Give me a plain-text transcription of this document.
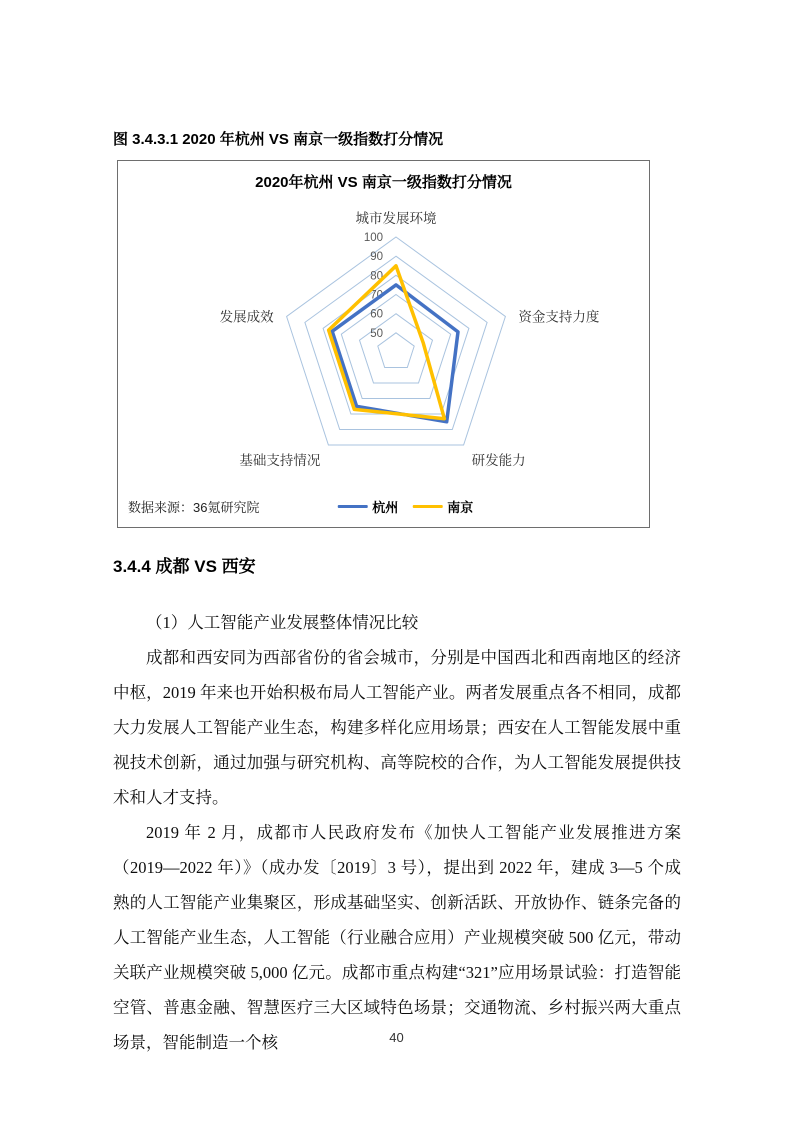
图 3.4.3.1 2020 年杭州 VS 南京一级指数打分情况
2020年杭州 VS 南京一级指数打分情况
50
60
70
80
90
100
城市发展环境
资金支持力度
研发能力
基础支持情况
发展成效
数据来源：36氪研究院	杭州	南京
3.4.4 成都 VS 西安

（1）人工智能产业发展整体情况比较

成都和西安同为西部省份的省会城市，分别是中国西北和西南地区的经济中枢，2019 年来也开始积极布局人工智能产业。两者发展重点各不相同，成都大力发展人工智能产业生态，构建多样化应用场景；西安在人工智能发展中重视技术创新，通过加强与研究机构、高等院校的合作，为人工智能发展提供技术和人才支持。

2019 年 2 月，成都市人民政府发布《加快人工智能产业发展推进方案（2019—2022 年）》（成办发〔2019〕3 号），提出到 2022 年，建成 3—5 个成熟的人工智能产业集聚区，形成基础坚实、创新活跃、开放协作、链条完备的人工智能产业生态，人工智能（行业融合应用）产业规模突破 500 亿元，带动关联产业规模突破 5,000 亿元。成都市重点构建“321”应用场景试验：打造智能空管、普惠金融、智慧医疗三大区域特色场景；交通物流、乡村振兴两大重点场景，智能制造一个核	40
